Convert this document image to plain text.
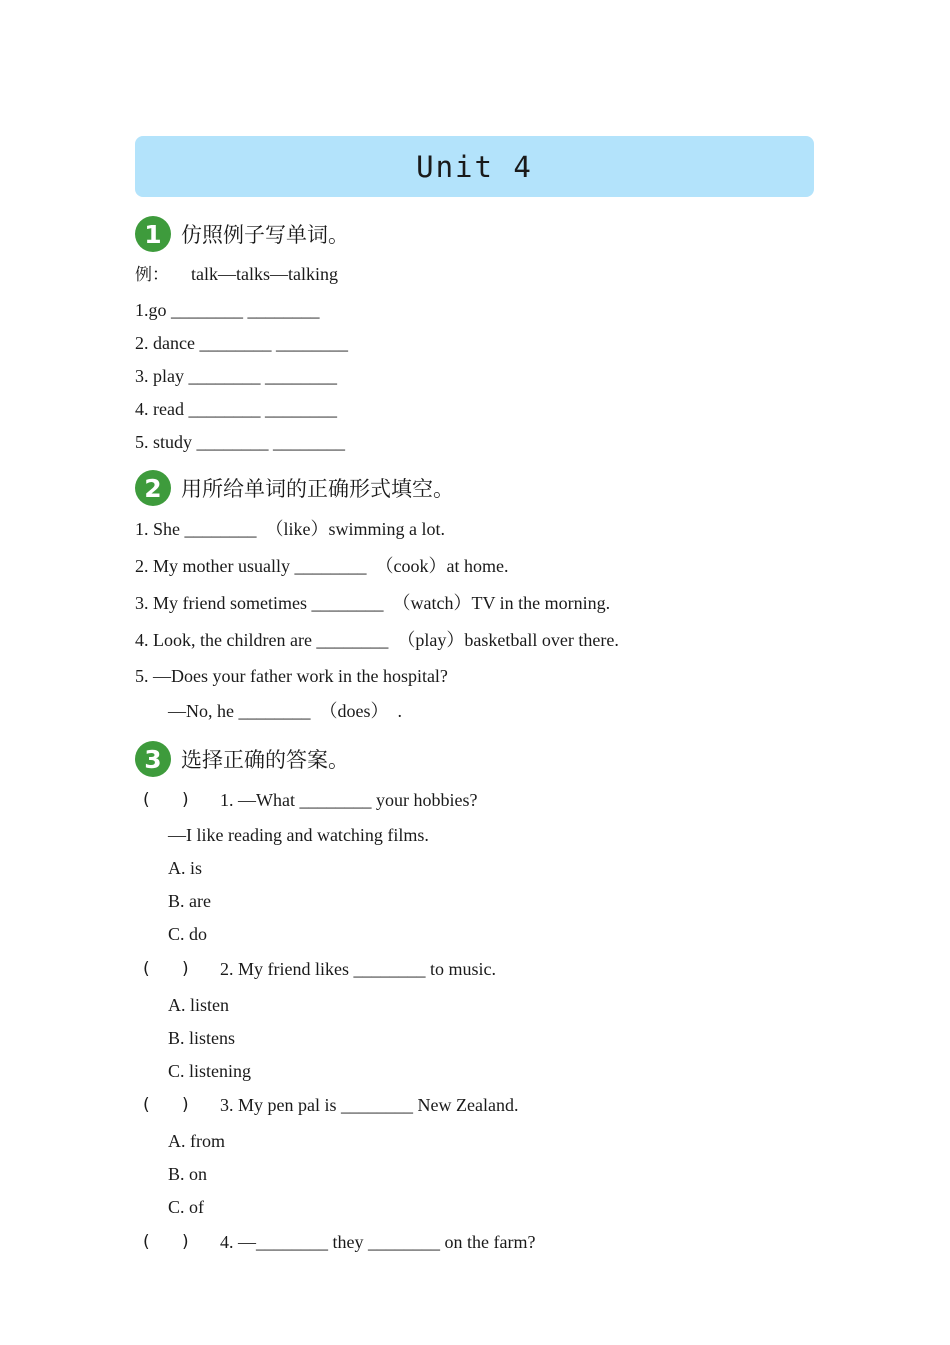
Unit 4
1 仿照例子写单词。
例： talk—talks—talking
1.go ________ ________
2. dance ________ ________
3. play ________ ________
4. read ________ ________
5. study ________ ________
2 用所给单词的正确形式填空。
1. She ________  （like）swimming a lot.
2. My mother usually ________  （cook）at home.
3. My friend sometimes ________  （watch）TV in the morning.
4. Look, the children are ________  （play）basketball over there.
5. —Does your father work in the hospital?
—No, he ________  （does）  .
3 选择正确的答案。
(      ) 1. —What ________ your hobbies?
—I like reading and watching films.
A. is
B. are
C. do
(      ) 2. My friend likes ________ to music.
A. listen
B. listens
C. listening
(      ) 3. My pen pal is ________ New Zealand.
A. from
B. on
C. of
(      ) 4. —________ they ________ on the farm?
